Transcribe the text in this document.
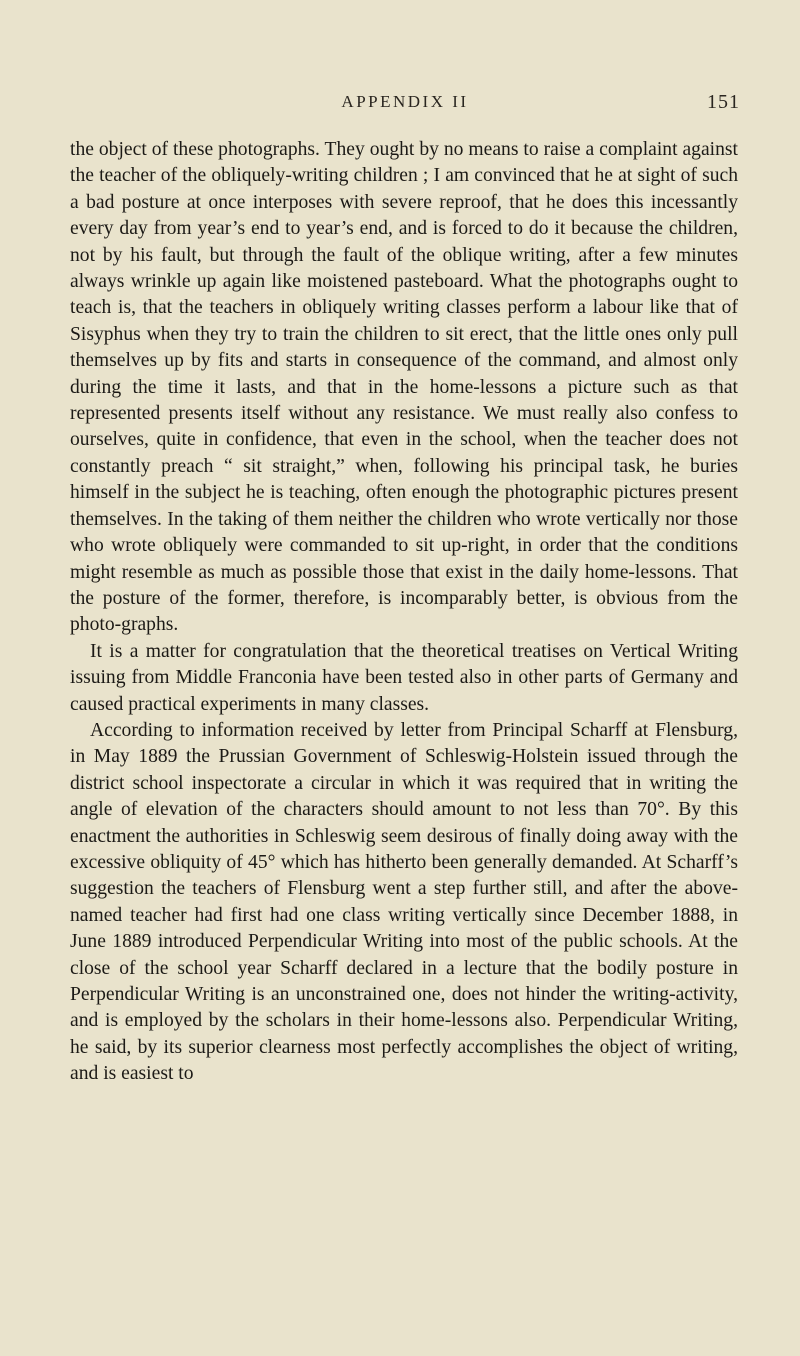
APPENDIX II	151

the object of these photographs. They ought by no means to raise a complaint against the teacher of the obliquely-writing children ; I am convinced that he at sight of such a bad posture at once interposes with severe reproof, that he does this incessantly every day from year’s end to year’s end, and is forced to do it because the children, not by his fault, but through the fault of the oblique writing, after a few minutes always wrinkle up again like moistened pasteboard. What the photographs ought to teach is, that the teachers in obliquely writing classes perform a labour like that of Sisyphus when they try to train the children to sit erect, that the little ones only pull themselves up by fits and starts in consequence of the command, and almost only during the time it lasts, and that in the home-lessons a picture such as that represented presents itself without any resistance. We must really also confess to ourselves, quite in confidence, that even in the school, when the teacher does not constantly preach “ sit straight,” when, following his principal task, he buries himself in the subject he is teaching, often enough the photographic pictures present themselves. In the taking of them neither the children who wrote vertically nor those who wrote obliquely were commanded to sit up-right, in order that the conditions might resemble as much as possible those that exist in the daily home-lessons. That the posture of the former, therefore, is incomparably better, is obvious from the photo-graphs.

It is a matter for congratulation that the theoretical treatises on Vertical Writing issuing from Middle Franconia have been tested also in other parts of Germany and caused practical experiments in many classes.

According to information received by letter from Principal Scharff at Flensburg, in May 1889 the Prussian Government of Schleswig-Holstein issued through the district school inspectorate a circular in which it was required that in writing the angle of elevation of the characters should amount to not less than 70°. By this enactment the authorities in Schleswig seem desirous of finally doing away with the excessive obliquity of 45° which has hitherto been generally demanded. At Scharff’s suggestion the teachers of Flensburg went a step further still, and after the above-named teacher had first had one class writing vertically since December 1888, in June 1889 introduced Perpendicular Writing into most of the public schools. At the close of the school year Scharff declared in a lecture that the bodily posture in Perpendicular Writing is an unconstrained one, does not hinder the writing-activity, and is employed by the scholars in their home-lessons also. Perpendicular Writing, he said, by its superior clearness most perfectly accomplishes the object of writing, and is easiest to
